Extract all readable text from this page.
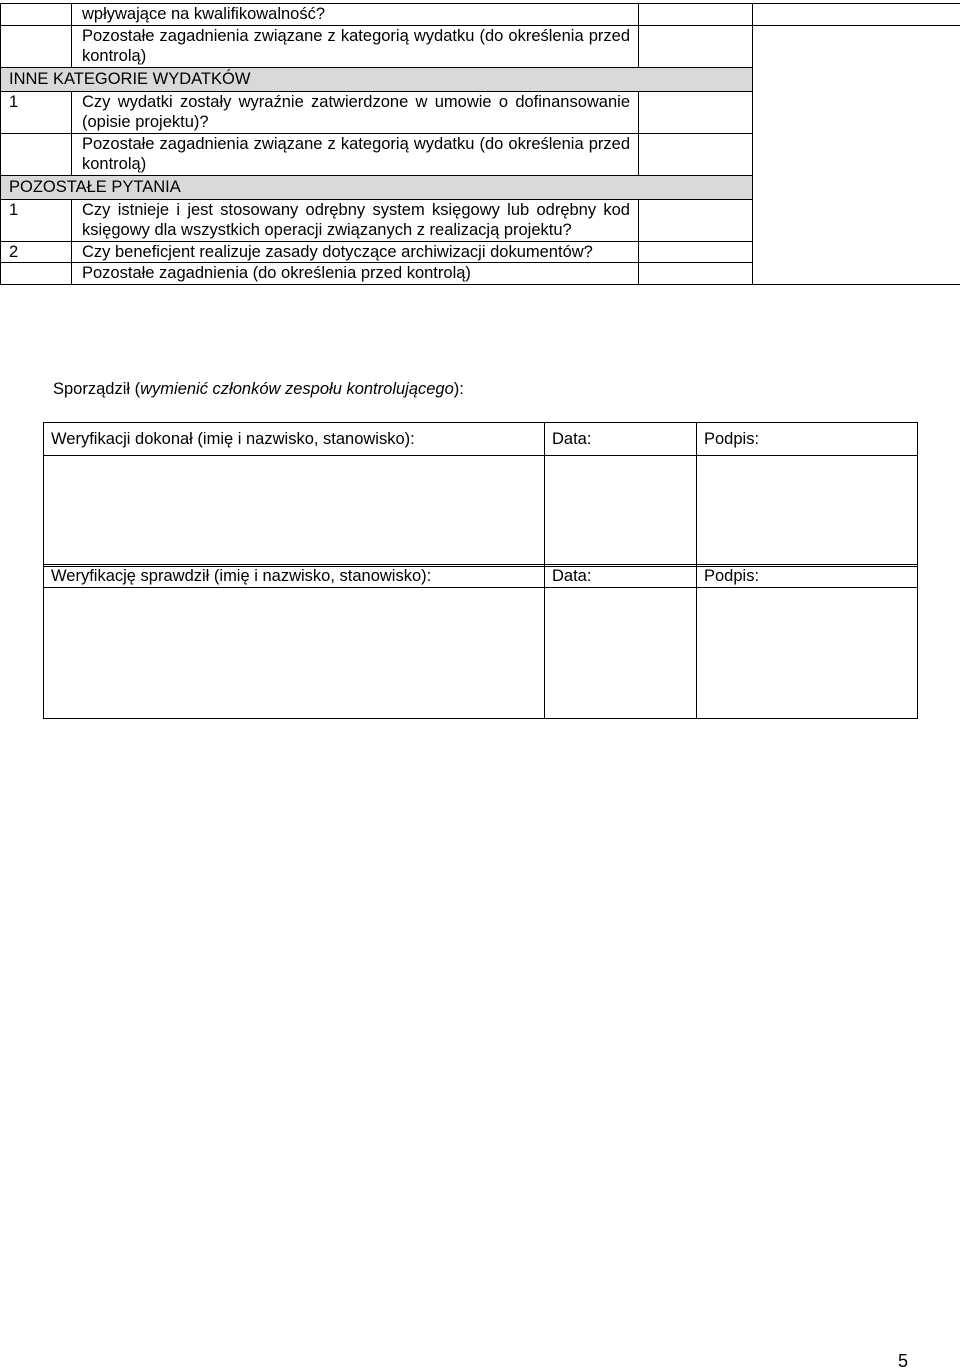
	wpływające na kwalifikowalność?		
	Pozostałe zagadnienia związane z kategorią wydatku (do określenia przed kontrolą)		
INNE KATEGORIE WYDATKÓW			
1	Czy wydatki zostały wyraźnie zatwierdzone w umowie o dofinansowanie (opisie projektu)?		
	Pozostałe zagadnienia związane z kategorią wydatku (do określenia przed kontrolą)		
POZOSTAŁE PYTANIA			
1	Czy istnieje i jest stosowany odrębny system księgowy lub odrębny kod księgowy dla wszystkich operacji związanych z realizacją projektu?		
2	Czy beneficjent realizuje zasady dotyczące archiwizacji dokumentów?		
	Pozostałe zagadnienia (do określenia przed kontrolą)		
Sporządził (wymienić członków zespołu kontrolującego):
Weryfikacji dokonał (imię i nazwisko, stanowisko):	Data:	Podpis:

Weryfikację sprawdził (imię i nazwisko, stanowisko):	Data:	Podpis:

5
